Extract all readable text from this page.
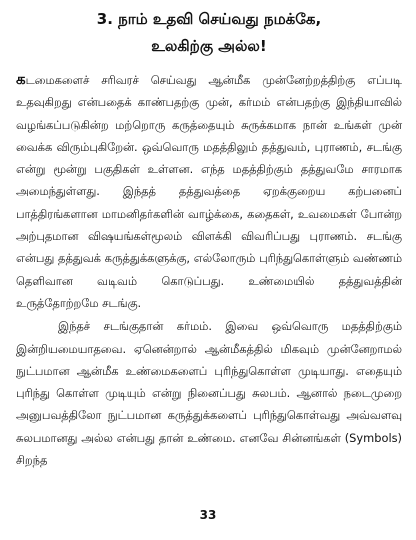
3. நாம் உதவி செய்வது நமக்கே,
உலகிற்கு அல்ல!

கடமைகளைச் சரிவரச் செய்வது ஆன்மீக முன்னேற்றத்திற்கு எப்படி உதவுகிறது என்பதைக் காண்பதற்கு முன், கர்மம் என்பதற்கு இந்தியாவில் வழங்கப்படுகின்ற மற்றொரு கருத்தையும் சுருக்கமாக நான் உங்கள் முன் வைக்க விரும்புகிறேன். ஒவ்வொரு மதத்திலும் தத்துவம், புராணம், சடங்கு என்று மூன்று பகுதிகள் உள்ளன. எந்த மதத்திற்கும் தத்துவமே சாரமாக அமைந்துள்ளது. இந்தத் தத்துவத்தை ஏறக்குறைய கற்பனைப் பாத்திரங்களான மாமனிதர்களின் வாழ்க்கை, கதைகள், உவமைகள் போன்ற அற்புதமான விஷயங்கள்மூலம் விளக்கி விவரிப்பது புராணம். சடங்கு என்பது தத்துவக் கருத்துக்களுக்கு, எல்லோரும் புரிந்துகொள்ளும் வண்ணம் தெளிவான வடிவம் கொடுப்பது. உண்மையில் தத்துவத்தின் உருத்தோற்றமே சடங்கு.

இந்தச் சடங்குதான் கர்மம். இவை ஒவ்வொரு மதத்திற்கும் இன்றியமையாதவை. ஏனென்றால் ஆன்மீகத்தில் மிகவும் முன்னேறாமல் நுட்பமான ஆன்மீக உண்மைகளைப் புரிந்துகொள்ள முடியாது. எதையும் புரிந்து கொள்ள முடியும் என்று நினைப்பது சுலபம். ஆனால் நடைமுறை அனுபவத்திலோ நுட்பமான கருத்துக்களைப் புரிந்துகொள்வது அவ்வளவு சுலபமானது அல்ல என்பது தான் உண்மை. எனவே சின்னங்கள் (Symbols) சிறந்த

33
